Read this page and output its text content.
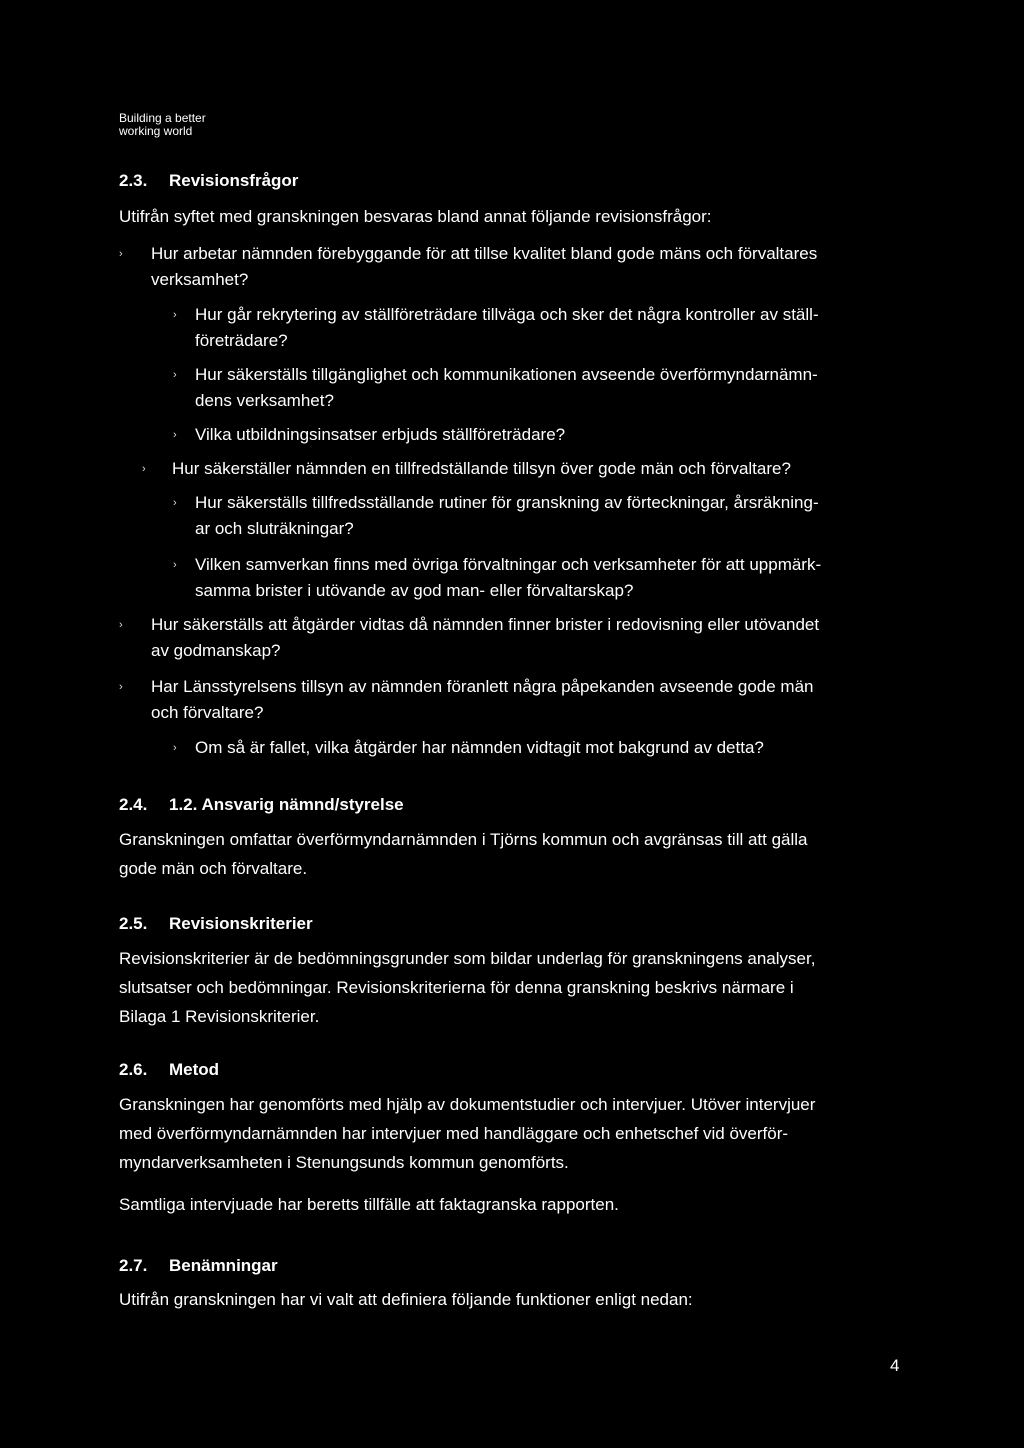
Building a better
working world
2.3. Revisionsfrågor
Utifrån syftet med granskningen besvaras bland annat följande revisionsfrågor:
› Hur arbetar nämnden förebyggande för att tillse kvalitet bland gode mäns och förvaltares
verksamhet?
› Hur går rekrytering av ställföreträdare tillväga och sker det några kontroller av ställ-
företrädare?
› Hur säkerställs tillgänglighet och kommunikationen avseende överförmyndarnämn-
dens verksamhet?
› Vilka utbildningsinsatser erbjuds ställföreträdare?
› Hur säkerställer nämnden en tillfredställande tillsyn över gode män och förvaltare?
› Hur säkerställs tillfredsställande rutiner för granskning av förteckningar, årsräkning-
ar och sluträkningar?
› Vilken samverkan finns med övriga förvaltningar och verksamheter för att uppmärk-
samma brister i utövande av god man- eller förvaltarskap?
› Hur säkerställs att åtgärder vidtas då nämnden finner brister i redovisning eller utövandet
av godmanskap?
› Har Länsstyrelsens tillsyn av nämnden föranlett några påpekanden avseende gode män
och förvaltare?
› Om så är fallet, vilka åtgärder har nämnden vidtagit mot bakgrund av detta?
2.4. 1.2. Ansvarig nämnd/styrelse
Granskningen omfattar överförmyndarnämnden i Tjörns kommun och avgränsas till att gälla
gode män och förvaltare.
2.5. Revisionskriterier
Revisionskriterier är de bedömningsgrunder som bildar underlag för granskningens analyser,
slutsatser och bedömningar. Revisionskriterierna för denna granskning beskrivs närmare i
Bilaga 1 Revisionskriterier.
2.6. Metod
Granskningen har genomförts med hjälp av dokumentstudier och intervjuer. Utöver intervjuer
med överförmyndarnämnden har intervjuer med handläggare och enhetschef vid överför-
myndarverksamheten i Stenungsunds kommun genomförts.
Samtliga intervjuade har beretts tillfälle att faktagranska rapporten.
2.7. Benämningar
Utifrån granskningen har vi valt att definiera följande funktioner enligt nedan:
4
